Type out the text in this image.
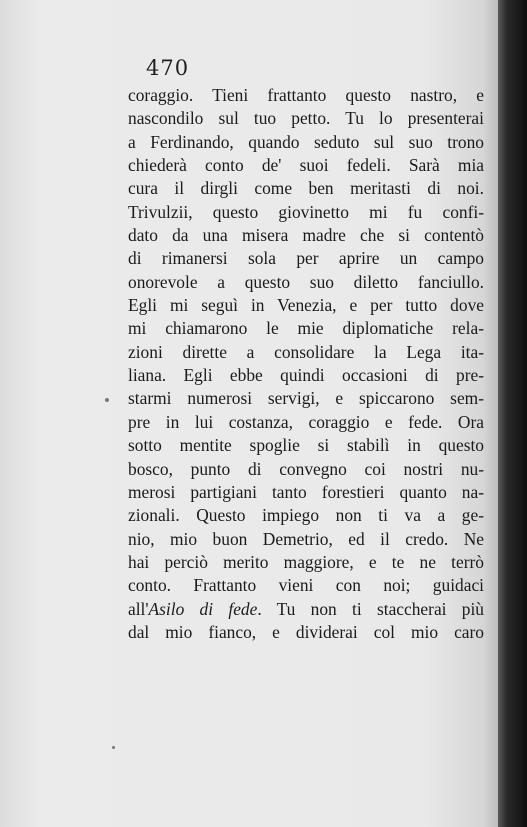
470
coraggio. Tieni frattanto questo nastro, e
nascondilo sul tuo petto. Tu lo presenterai
a Ferdinando, quando seduto sul suo trono
chiederà conto de' suoi fedeli. Sarà mia
cura il dirgli come ben meritasti di noi.
Trivulzii, questo giovinetto mi fu confi-
dato da una misera madre che si contentò
di rimanersi sola per aprire un campo
onorevole a questo suo diletto fanciullo.
Egli mi seguì in Venezia, e per tutto dove
mi chiamarono le mie diplomatiche rela-
zioni dirette a consolidare la Lega ita-
liana. Egli ebbe quindi occasioni di pre-
starmi numerosi servigi, e spiccarono sem-
pre in lui costanza, coraggio e fede. Ora
sotto mentite spoglie si stabilì in questo
bosco, punto di convegno coi nostri nu-
merosi partigiani tanto forestieri quanto na-
zionali. Questo impiego non ti va a ge-
nio, mio buon Demetrio, ed il credo. Ne
hai perciò merito maggiore, e te ne terrò
conto. Frattanto vieni con noi; guidaci
all'Asilo di fede. Tu non ti staccherai più
dal mio fianco, e dividerai col mio caro
